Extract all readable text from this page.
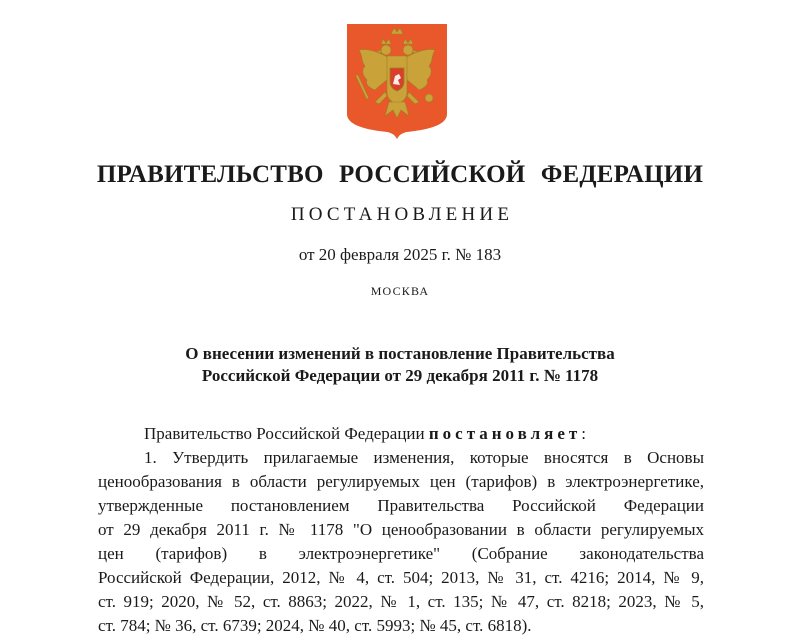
ПРАВИТЕЛЬСТВО РОССИЙСКОЙ ФЕДЕРАЦИИ
ПОСТАНОВЛЕНИЕ
от 20 февраля 2025 г. № 183
МОСКВА
О внесении изменений в постановление Правительства
Российской Федерации от 29 декабря 2011 г. № 1178
Правительство Российской Федерации постановляет:
1. Утвердить прилагаемые изменения, которые вносятся в Основы
ценообразования в области регулируемых цен (тарифов) в электроэнергетике,
утвержденные постановлением Правительства Российской Федерации
от 29 декабря 2011 г. № 1178 "О ценообразовании в области регулируемых
цен (тарифов) в электроэнергетике" (Собрание законодательства
Российской Федерации, 2012, № 4, ст. 504; 2013, № 31, ст. 4216; 2014, № 9,
ст. 919; 2020, № 52, ст. 8863; 2022, № 1, ст. 135; № 47, ст. 8218; 2023, № 5,
ст. 784; № 36, ст. 6739; 2024, № 40, ст. 5993; № 45, ст. 6818).
